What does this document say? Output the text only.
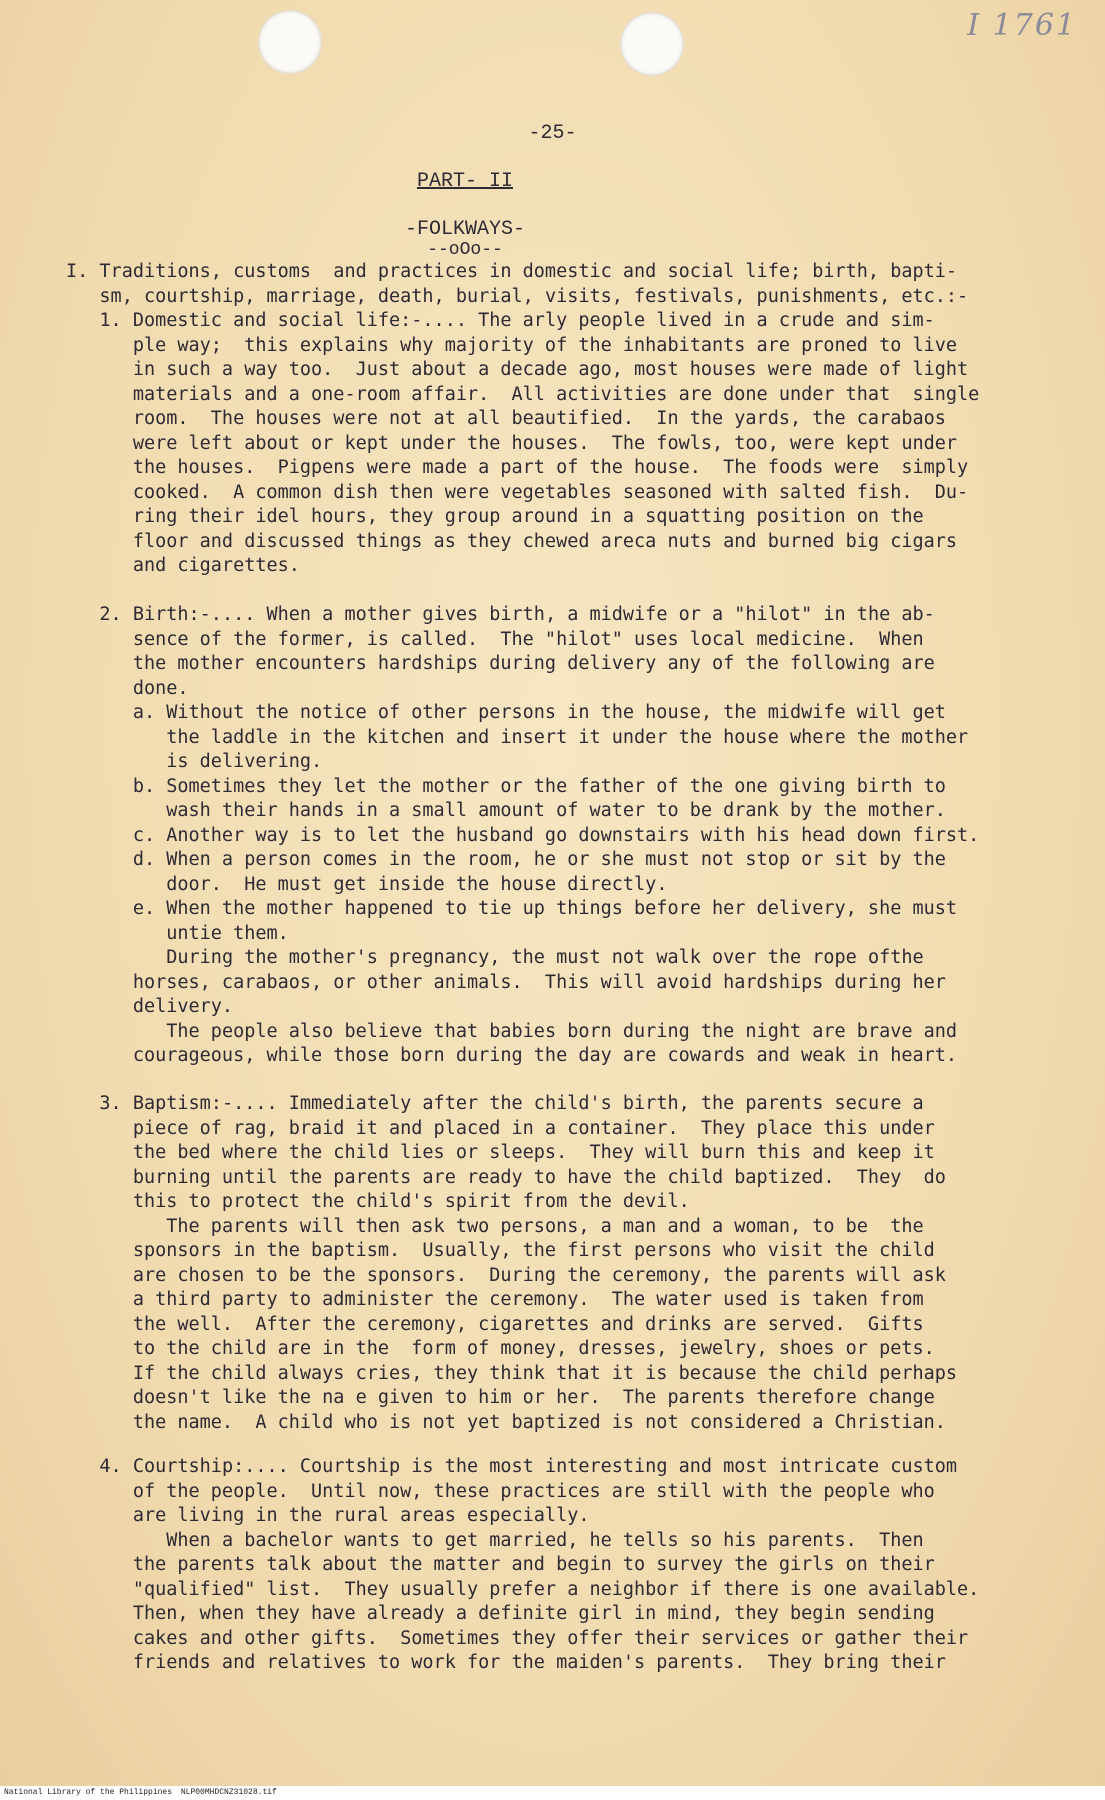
I 1761
-25-
PART- II
-FOLKWAYS-
--oOo--
I. Traditions, customs  and practices in domestic and social life; birth, bapti-
sm, courtship, marriage, death, burial, visits, festivals, punishments, etc.:-
1. Domestic and social life:-.... The arly people lived in a crude and sim-
ple way;  this explains why majority of the inhabitants are proned to live
in such a way too.  Just about a decade ago, most houses were made of light
materials and a one-room affair.  All activities are done under that  single
room.  The houses were not at all beautified.  In the yards, the carabaos
were left about or kept under the houses.  The fowls, too, were kept under
the houses.  Pigpens were made a part of the house.  The foods were  simply
cooked.  A common dish then were vegetables seasoned with salted fish.  Du-
ring their idel hours, they group around in a squatting position on the
floor and discussed things as they chewed areca nuts and burned big cigars
and cigarettes.
2. Birth:-.... When a mother gives birth, a midwife or a "hilot" in the ab-
sence of the former, is called.  The "hilot" uses local medicine.  When
the mother encounters hardships during delivery any of the following are
done.
a. Without the notice of other persons in the house, the midwife will get
the laddle in the kitchen and insert it under the house where the mother
is delivering.
b. Sometimes they let the mother or the father of the one giving birth to
wash their hands in a small amount of water to be drank by the mother.
c. Another way is to let the husband go downstairs with his head down first.
d. When a person comes in the room, he or she must not stop or sit by the
door.  He must get inside the house directly.
e. When the mother happened to tie up things before her delivery, she must
untie them.
During the mother's pregnancy, the must not walk over the rope ofthe
horses, carabaos, or other animals.  This will avoid hardships during her
delivery.
The people also believe that babies born during the night are brave and
courageous, while those born during the day are cowards and weak in heart.
3. Baptism:-.... Immediately after the child's birth, the parents secure a
piece of rag, braid it and placed in a container.  They place this under
the bed where the child lies or sleeps.  They will burn this and keep it
burning until the parents are ready to have the child baptized.  They  do
this to protect the child's spirit from the devil.
The parents will then ask two persons, a man and a woman, to be  the
sponsors in the baptism.  Usually, the first persons who visit the child
are chosen to be the sponsors.  During the ceremony, the parents will ask
a third party to administer the ceremony.  The water used is taken from
the well.  After the ceremony, cigarettes and drinks are served.  Gifts
to the child are in the  form of money, dresses, jewelry, shoes or pets.
If the child always cries, they think that it is because the child perhaps
doesn't like the na e given to him or her.  The parents therefore change
the name.  A child who is not yet baptized is not considered a Christian.
4. Courtship:.... Courtship is the most interesting and most intricate custom
of the people.  Until now, these practices are still with the people who
are living in the rural areas especially.
When a bachelor wants to get married, he tells so his parents.  Then
the parents talk about the matter and begin to survey the girls on their
"qualified" list.  They usually prefer a neighbor if there is one available.
Then, when they have already a definite girl in mind, they begin sending
cakes and other gifts.  Sometimes they offer their services or gather their
friends and relatives to work for the maiden's parents.  They bring their
National Library of the Philippines NLP00MHDCNZ31028.tif
